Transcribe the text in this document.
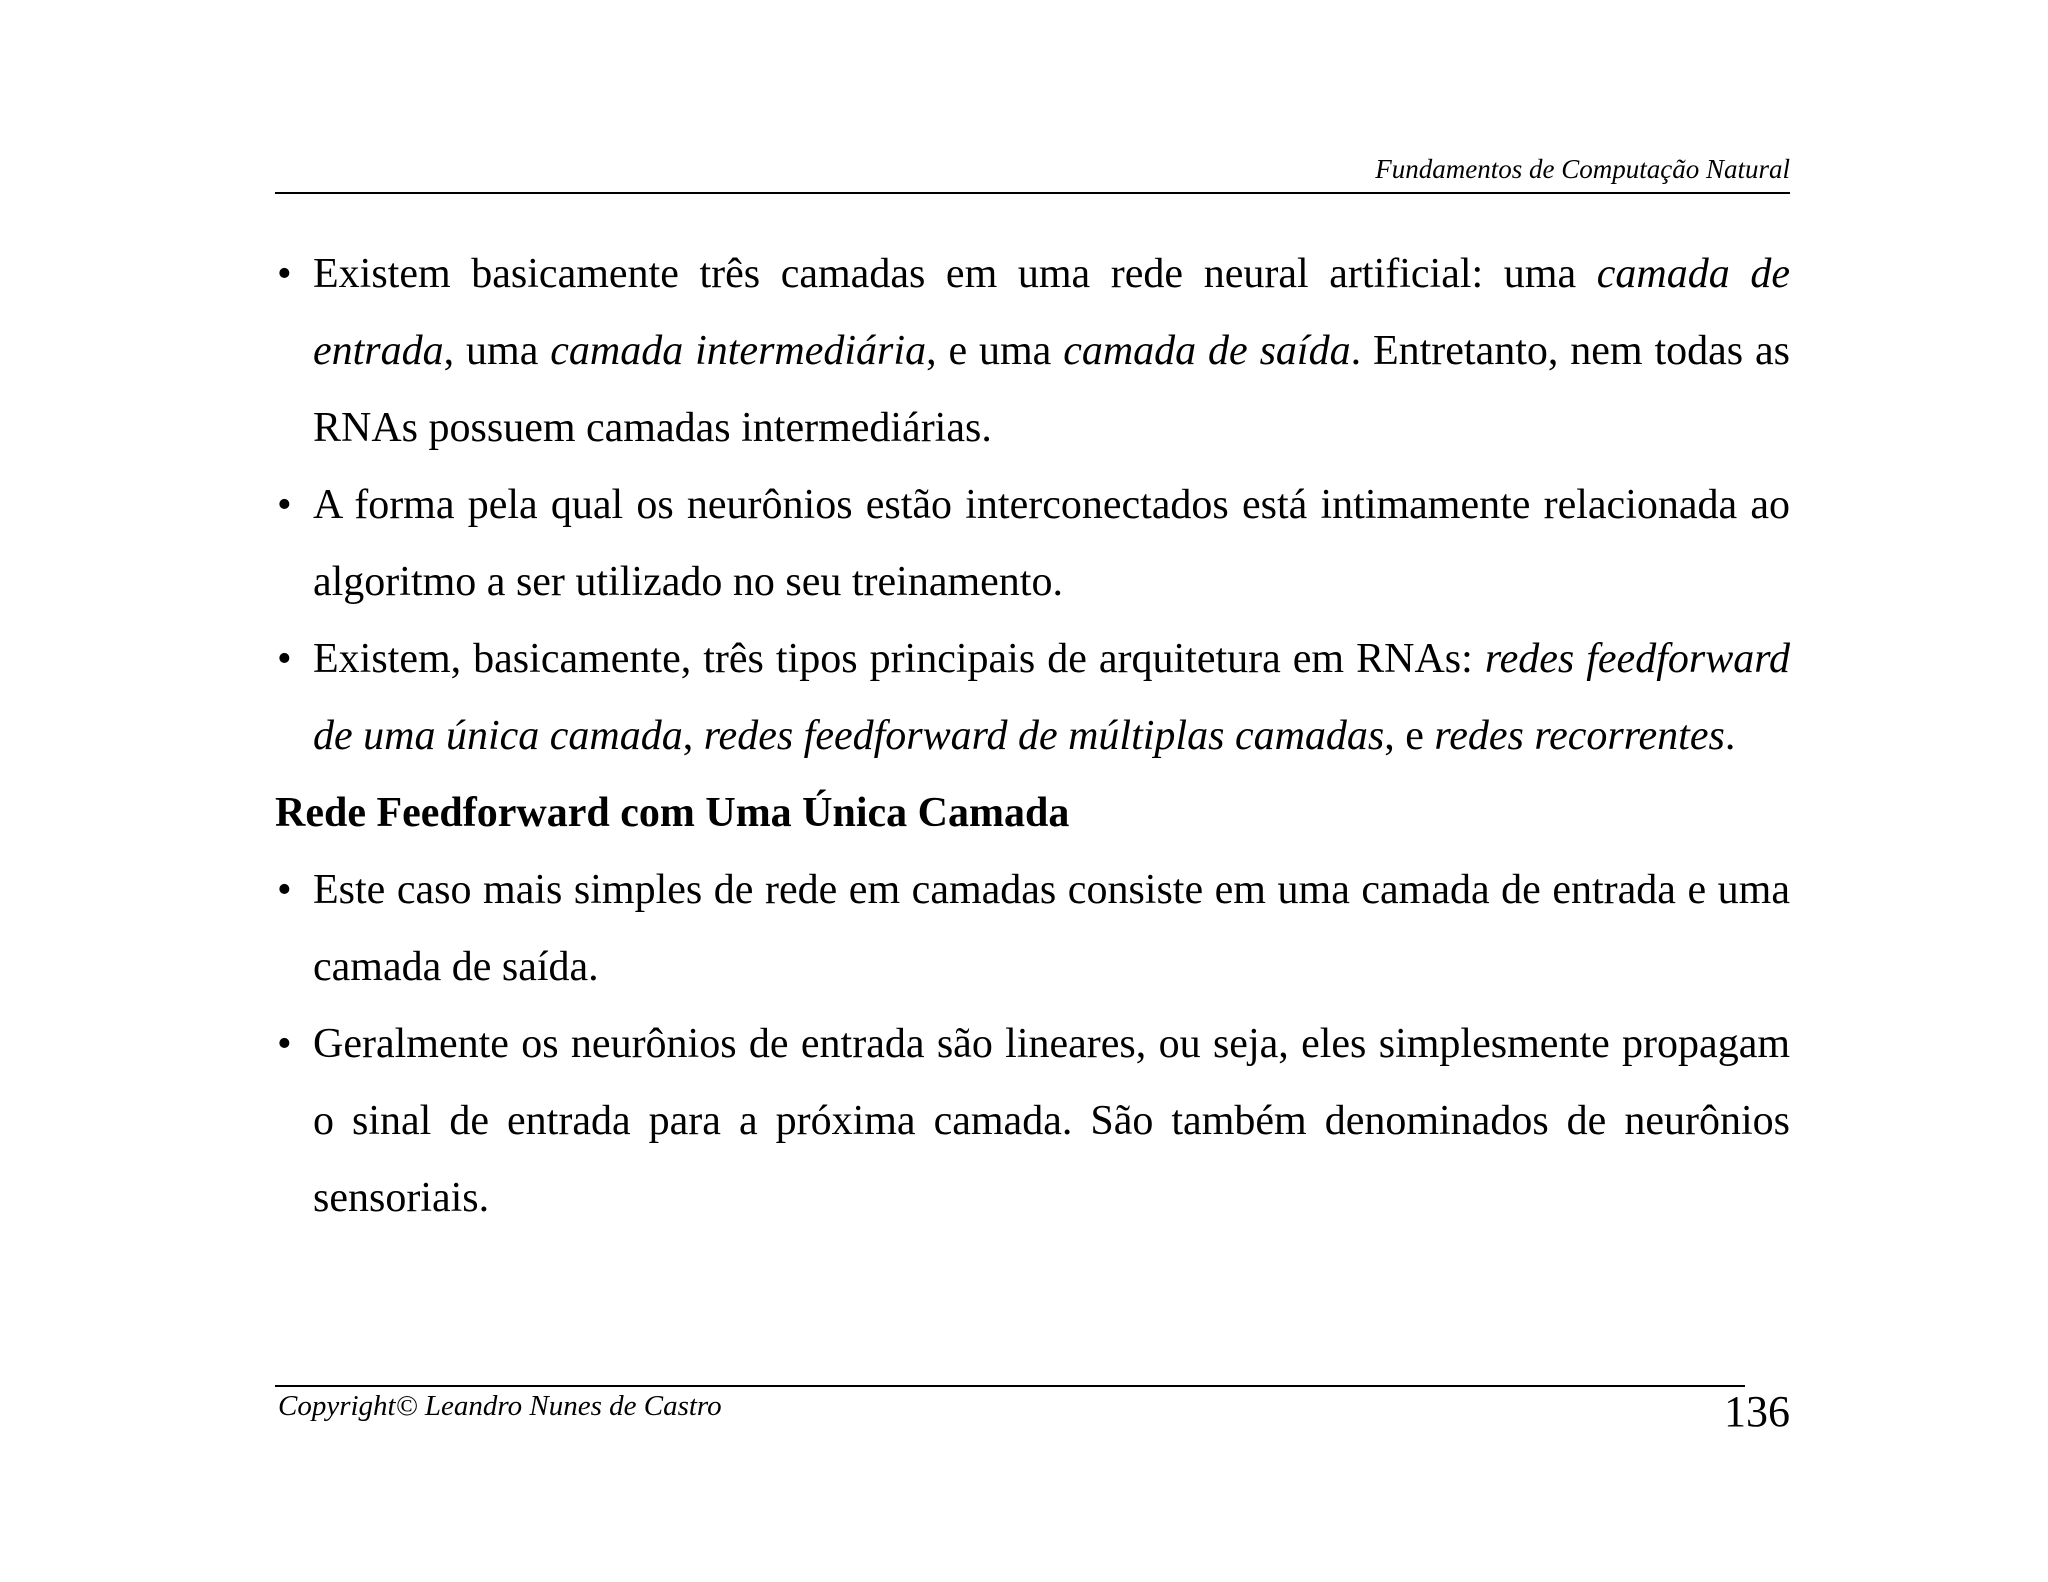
Fundamentos de Computação Natural

• Existem basicamente três camadas em uma rede neural artificial: uma camada de entrada, uma camada intermediária, e uma camada de saída. Entretanto, nem todas as RNAs possuem camadas intermediárias.

• A forma pela qual os neurônios estão interconectados está intimamente relacionada ao algoritmo a ser utilizado no seu treinamento.

• Existem, basicamente, três tipos principais de arquitetura em RNAs: redes feedforward de uma única camada, redes feedforward de múltiplas camadas, e redes recorrentes.

Rede Feedforward com Uma Única Camada

• Este caso mais simples de rede em camadas consiste em uma camada de entrada e uma camada de saída.

• Geralmente os neurônios de entrada são lineares, ou seja, eles simplesmente propagam o sinal de entrada para a próxima camada. São também denominados de neurônios sensoriais.

Copyright© Leandro Nunes de Castro	136
